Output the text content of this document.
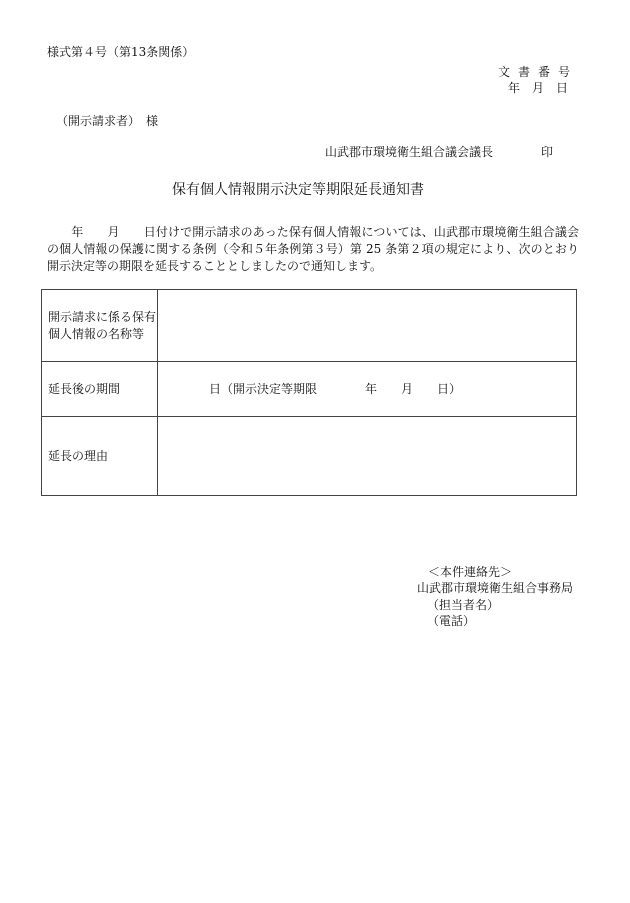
様式第４号（第13条関係）
文書番号
年　月　日
（開示請求者）　様
山武郡市環境衛生組合議会議長	印
保有個人情報開示決定等期限延長通知書
　　年　　月　　日付けで開示請求のあった保有個人情報については、山武郡市環境衛生組合議会の個人情報の保護に関する条例（令和５年条例第３号）第 25 条第２項の規定により、次のとおり開示決定等の期限を延長することとしましたので通知します。
開示請求に係る保有個人情報の名称等	
延長後の期間	日（開示決定等期限　　　　年　　月　　日）
延長の理由	
＜本件連絡先＞
山武郡市環境衛生組合事務局
（担当者名）
（電話）
